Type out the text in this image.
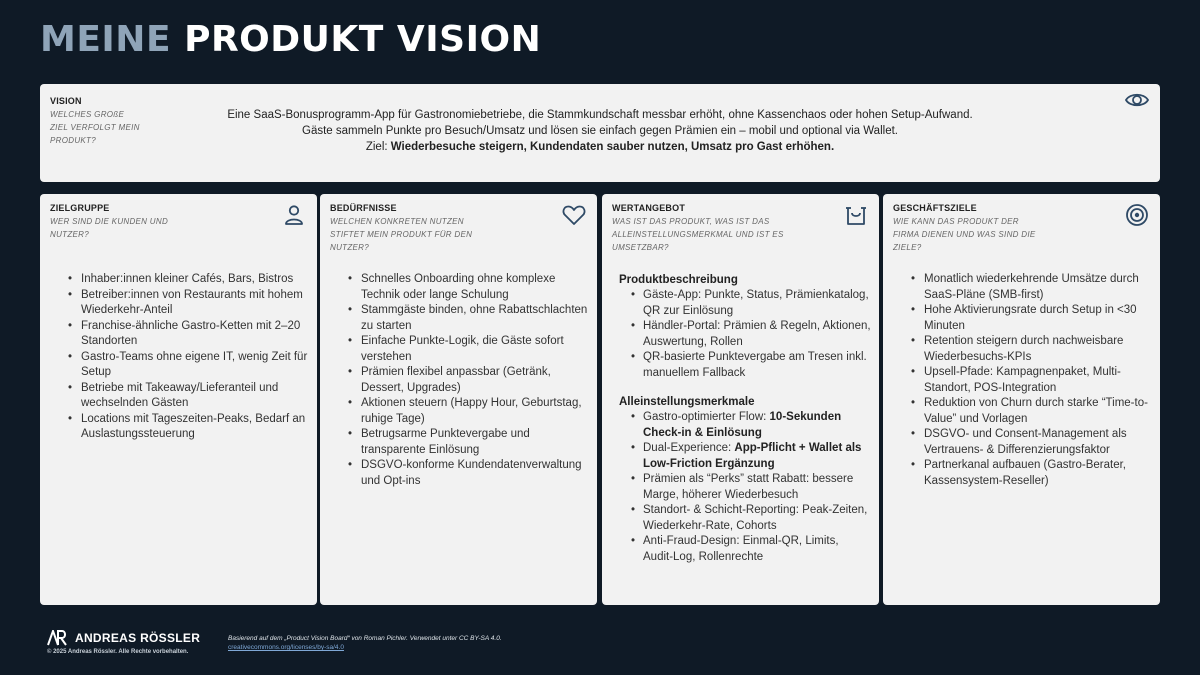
MEINE PRODUKT VISION
VISION
WELCHES GROßE ZIEL VERFOLGT MEIN PRODUKT?
Eine SaaS-Bonusprogramm-App für Gastronomiebetriebe, die Stammkundschaft messbar erhöht, ohne Kassenchaos oder hohen Setup-Aufwand.
Gäste sammeln Punkte pro Besuch/Umsatz und lösen sie einfach gegen Prämien ein – mobil und optional via Wallet.
Ziel: Wiederbesuche steigern, Kundendaten sauber nutzen, Umsatz pro Gast erhöhen.
ZIELGRUPPE
WER SIND DIE KUNDEN UND NUTZER?
• Inhaber:innen kleiner Cafés, Bars, Bistros
• Betreiber:innen von Restaurants mit hohem Wiederkehr-Anteil
• Franchise-ähnliche Gastro-Ketten mit 2–20 Standorten
• Gastro-Teams ohne eigene IT, wenig Zeit für Setup
• Betriebe mit Takeaway/Lieferanteil und wechselnden Gästen
• Locations mit Tageszeiten-Peaks, Bedarf an Auslastungssteuerung
BEDÜRFNISSE
WELCHEN KONKRETEN NUTZEN STIFTET MEIN PRODUKT FÜR DEN NUTZER?
• Schnelles Onboarding ohne komplexe Technik oder lange Schulung
• Stammgäste binden, ohne Rabattschlachten zu starten
• Einfache Punkte-Logik, die Gäste sofort verstehen
• Prämien flexibel anpassbar (Getränk, Dessert, Upgrades)
• Aktionen steuern (Happy Hour, Geburtstag, ruhige Tage)
• Betrugsarme Punktevergabe und transparente Einlösung
• DSGVO-konforme Kundendatenverwaltung und Opt-ins
WERTANGEBOT
WAS IST DAS PRODUKT, WAS IST DAS ALLEINSTELLUNGSMERKMAL UND IST ES UMSETZBAR?
Produktbeschreibung
• Gäste-App: Punkte, Status, Prämienkatalog, QR zur Einlösung
• Händler-Portal: Prämien & Regeln, Aktionen, Auswertung, Rollen
• QR-basierte Punktevergabe am Tresen inkl. manuellem Fallback
Alleinstellungsmerkmale
• Gastro-optimierter Flow: 10-Sekunden Check-in & Einlösung
• Dual-Experience: App-Pflicht + Wallet als Low-Friction Ergänzung
• Prämien als “Perks” statt Rabatt: bessere Marge, höherer Wiederbesuch
• Standort- & Schicht-Reporting: Peak-Zeiten, Wiederkehr-Rate, Cohorts
• Anti-Fraud-Design: Einmal-QR, Limits, Audit-Log, Rollenrechte
GESCHÄFTSZIELE
WIE KANN DAS PRODUKT DER FIRMA DIENEN UND WAS SIND DIE ZIELE?
• Monatlich wiederkehrende Umsätze durch SaaS-Pläne (SMB-first)
• Hohe Aktivierungsrate durch Setup in <30 Minuten
• Retention steigern durch nachweisbare Wiederbesuchs-KPIs
• Upsell-Pfade: Kampagnenpaket, Multi-Standort, POS-Integration
• Reduktion von Churn durch starke “Time-to-Value” und Vorlagen
• DSGVO- und Consent-Management als Vertrauens- & Differenzierungsfaktor
• Partnerkanal aufbauen (Gastro-Berater, Kassensystem-Reseller)
ANDREAS RÖSSLER
© 2025 Andreas Rössler. Alle Rechte vorbehalten.
Basierend auf dem „Product Vision Board“ von Roman Pichler. Verwendet unter CC BY-SA 4.0.
creativecommons.org/licenses/by-sa/4.0
